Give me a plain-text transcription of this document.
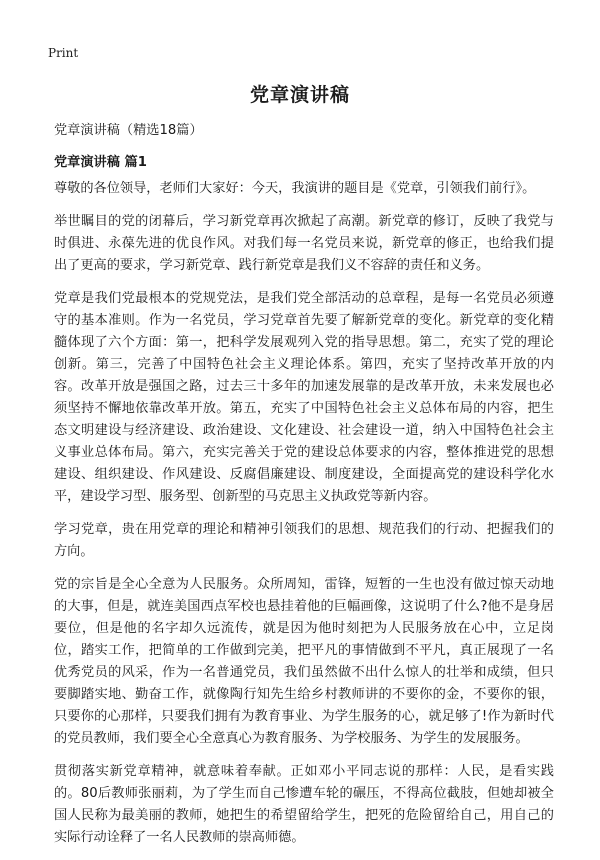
Print
党章演讲稿

党章演讲稿（精选18篇）

党章演讲稿 篇1

尊敬的各位领导，老师们大家好：今天，我演讲的题目是《党章，引领我们前行》。

举世瞩目的党的闭幕后，学习新党章再次掀起了高潮。新党章的修订，反映了我党与时俱进、永葆先进的优良作风。对我们每一名党员来说，新党章的修正，也给我们提出了更高的要求，学习新党章、践行新党章是我们义不容辞的责任和义务。

党章是我们党最根本的党规党法，是我们党全部活动的总章程，是每一名党员必须遵守的基本准则。作为一名党员，学习党章首先要了解新党章的变化。新党章的变化精髓体现了六个方面：第一，把科学发展观列入党的指导思想。第二，充实了党的理论创新。第三，完善了中国特色社会主义理论体系。第四，充实了坚持改革开放的内容。改革开放是强国之路，过去三十多年的加速发展靠的是改革开放，未来发展也必须坚持不懈地依靠改革开放。第五，充实了中国特色社会主义总体布局的内容，把生态文明建设与经济建设、政治建设、文化建设、社会建设一道，纳入中国特色社会主义事业总体布局。第六，充实完善关于党的建设总体要求的内容，整体推进党的思想建设、组织建设、作风建设、反腐倡廉建设、制度建设，全面提高党的建设科学化水平，建设学习型、服务型、创新型的马克思主义执政党等新内容。

学习党章，贵在用党章的理论和精神引领我们的思想、规范我们的行动、把握我们的方向。

党的宗旨是全心全意为人民服务。众所周知，雷锋，短暂的一生也没有做过惊天动地的大事，但是，就连美国西点军校也悬挂着他的巨幅画像，这说明了什么?他不是身居要位，但是他的名字却久远流传，就是因为他时刻把为人民服务放在心中，立足岗位，踏实工作，把简单的工作做到完美，把平凡的事情做到不平凡，真正展现了一名优秀党员的风采，作为一名普通党员，我们虽然做不出什么惊人的壮举和成绩，但只要脚踏实地、勤奋工作，就像陶行知先生给乡村教师讲的不要你的金，不要你的银，只要你的心那样，只要我们拥有为教育事业、为学生服务的心，就足够了!作为新时代的党员教师，我们要全心全意真心为教育服务、为学校服务、为学生的发展服务。

贯彻落实新党章精神，就意味着奉献。正如邓小平同志说的那样：人民，是看实践的。80后教师张丽莉，为了学生而自己惨遭车轮的碾压，不得高位截肢，但她却被全国人民称为最美丽的教师，她把生的希望留给学生，把死的危险留给自己，用自己的实际行动诠释了一名人民教师的崇高师德。
